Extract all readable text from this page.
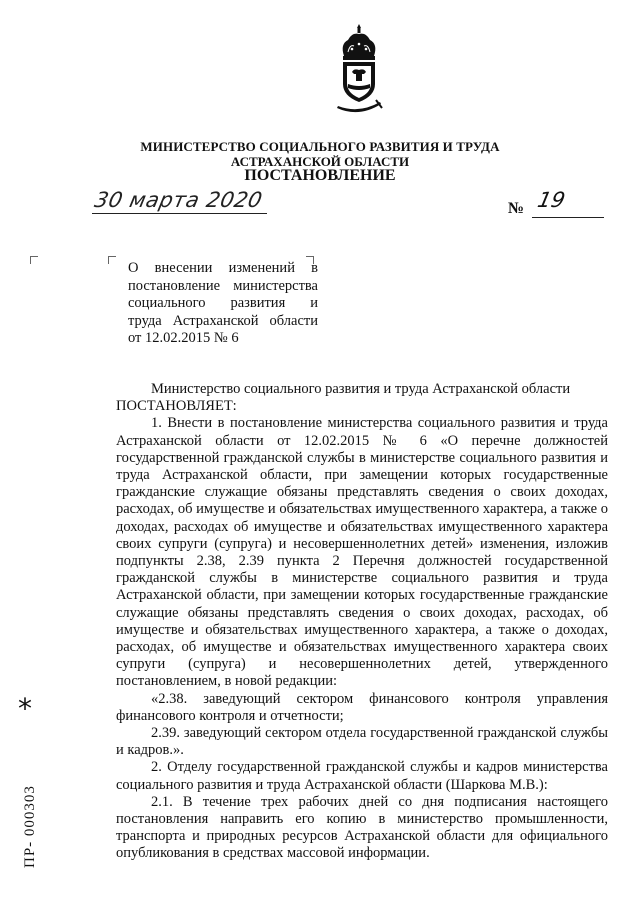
МИНИСТЕРСТВО СОЦИАЛЬНОГО РАЗВИТИЯ И ТРУДА
АСТРАХАНСКОЙ ОБЛАСТИ
ПОСТАНОВЛЕНИЕ
30 марта 2020	№ 19
О внесении изменений в
постановление министерства
социального развития и
труда Астраханской области
от 12.02.2015 № 6
Министерство социального развития и труда Астраханской области
ПОСТАНОВЛЯЕТ:
1. Внести в постановление министерства социального развития и труда Астраханской области от 12.02.2015 № 6 «О перечне должностей государственной гражданской службы в министерстве социального развития и труда Астраханской области, при замещении которых государственные гражданские служащие обязаны представлять сведения о своих доходах, расходах, об имуществе и обязательствах имущественного характера, а также о доходах, расходах об имуществе и обязательствах имущественного характера своих супруги (супруга) и несовершеннолетних детей» изменения, изложив подпункты 2.38, 2.39 пункта 2 Перечня должностей государственной гражданской службы в министерстве социального развития и труда Астраханской области, при замещении которых государственные гражданские служащие обязаны представлять сведения о своих доходах, расходах, об имуществе и обязательствах имущественного характера, а также о доходах, расходах, об имуществе и обязательствах имущественного характера своих супруги (супруга) и несовершеннолетних детей, утвержденного постановлением, в новой редакции:
«2.38. заведующий сектором финансового контроля управления финансового контроля и отчетности;
2.39. заведующий сектором отдела государственной гражданской службы и кадров.».
2. Отделу государственной гражданской службы и кадров министерства социального развития и труда Астраханской области (Шаркова М.В.):
2.1. В течение трех рабочих дней со дня подписания настоящего постановления направить его копию в министерство промышленности, транспорта и природных ресурсов Астраханской области для официального опубликования в средствах массовой информации.
*
ПР- 000303
